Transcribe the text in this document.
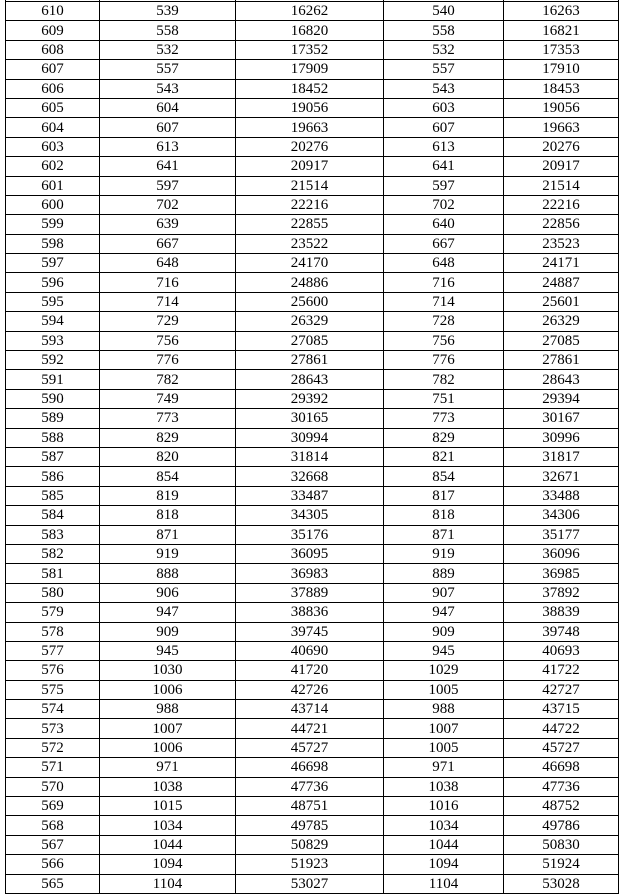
610	539	16262	540	16263
609	558	16820	558	16821
608	532	17352	532	17353
607	557	17909	557	17910
606	543	18452	543	18453
605	604	19056	603	19056
604	607	19663	607	19663
603	613	20276	613	20276
602	641	20917	641	20917
601	597	21514	597	21514
600	702	22216	702	22216
599	639	22855	640	22856
598	667	23522	667	23523
597	648	24170	648	24171
596	716	24886	716	24887
595	714	25600	714	25601
594	729	26329	728	26329
593	756	27085	756	27085
592	776	27861	776	27861
591	782	28643	782	28643
590	749	29392	751	29394
589	773	30165	773	30167
588	829	30994	829	30996
587	820	31814	821	31817
586	854	32668	854	32671
585	819	33487	817	33488
584	818	34305	818	34306
583	871	35176	871	35177
582	919	36095	919	36096
581	888	36983	889	36985
580	906	37889	907	37892
579	947	38836	947	38839
578	909	39745	909	39748
577	945	40690	945	40693
576	1030	41720	1029	41722
575	1006	42726	1005	42727
574	988	43714	988	43715
573	1007	44721	1007	44722
572	1006	45727	1005	45727
571	971	46698	971	46698
570	1038	47736	1038	47736
569	1015	48751	1016	48752
568	1034	49785	1034	49786
567	1044	50829	1044	50830
566	1094	51923	1094	51924
565	1104	53027	1104	53028
